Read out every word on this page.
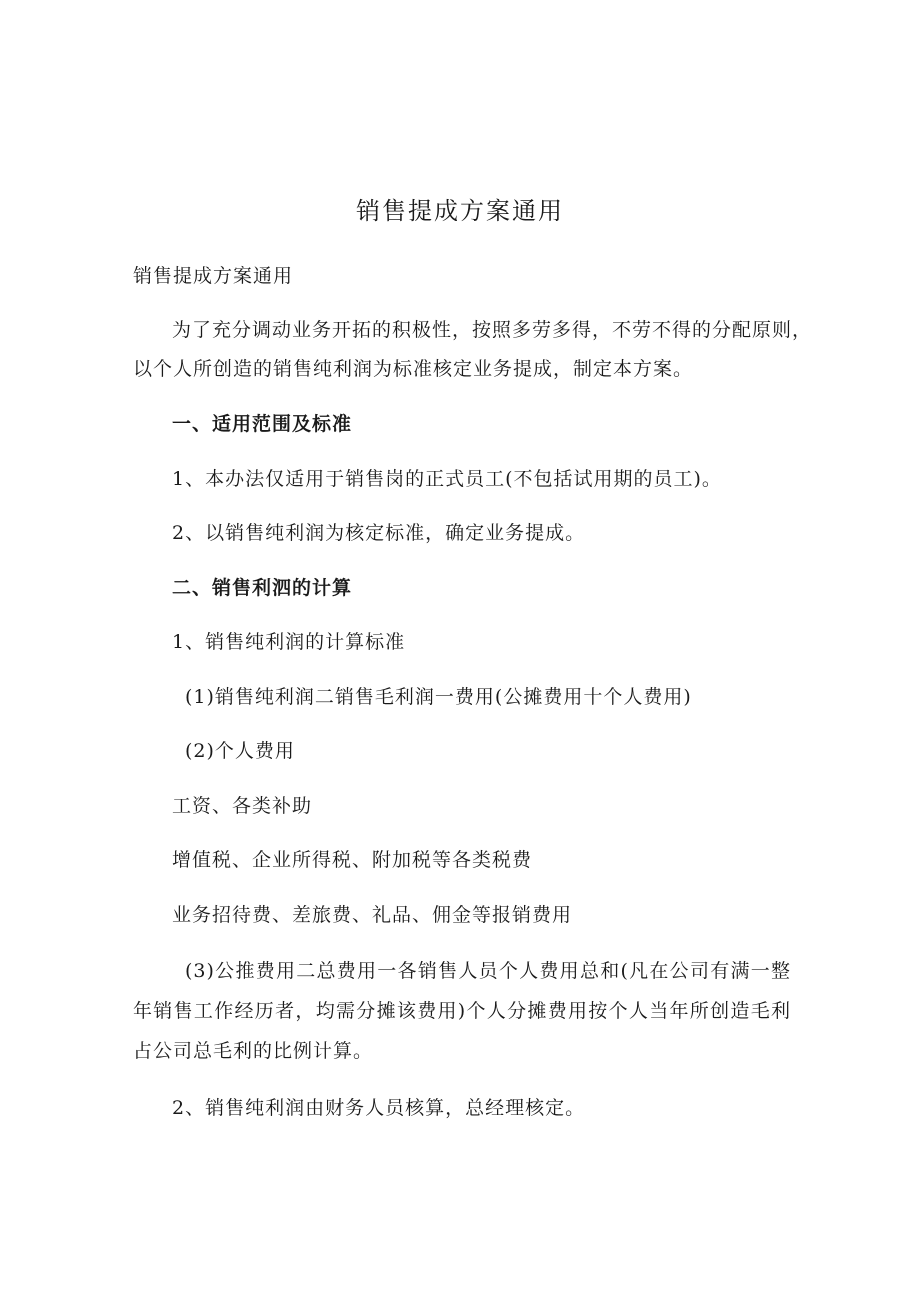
销售提成方案通用
销售提成方案通用
为了充分调动业务开拓的积极性，按照多劳多得，不劳不得的分配原则，
以个人所创造的销售纯利润为标准核定业务提成，制定本方案。
一、适用范围及标准
1、本办法仅适用于销售岗的正式员工(不包括试用期的员工)。
2、以销售纯利润为核定标准，确定业务提成。
二、销售利泗的计算
1、销售纯利润的计算标准
(1)销售纯利润二销售毛利润一费用(公摊费用十个人费用)
(2)个人费用
工资、各类补助
增值税、企业所得税、附加税等各类税费
业务招待费、差旅费、礼品、佣金等报销费用
(3)公推费用二总费用一各销售人员个人费用总和(凡在公司有满一整
年销售工作经历者，均需分摊该费用)个人分摊费用按个人当年所创造毛利
占公司总毛利的比例计算。
2、销售纯利润由财务人员核算，总经理核定。
